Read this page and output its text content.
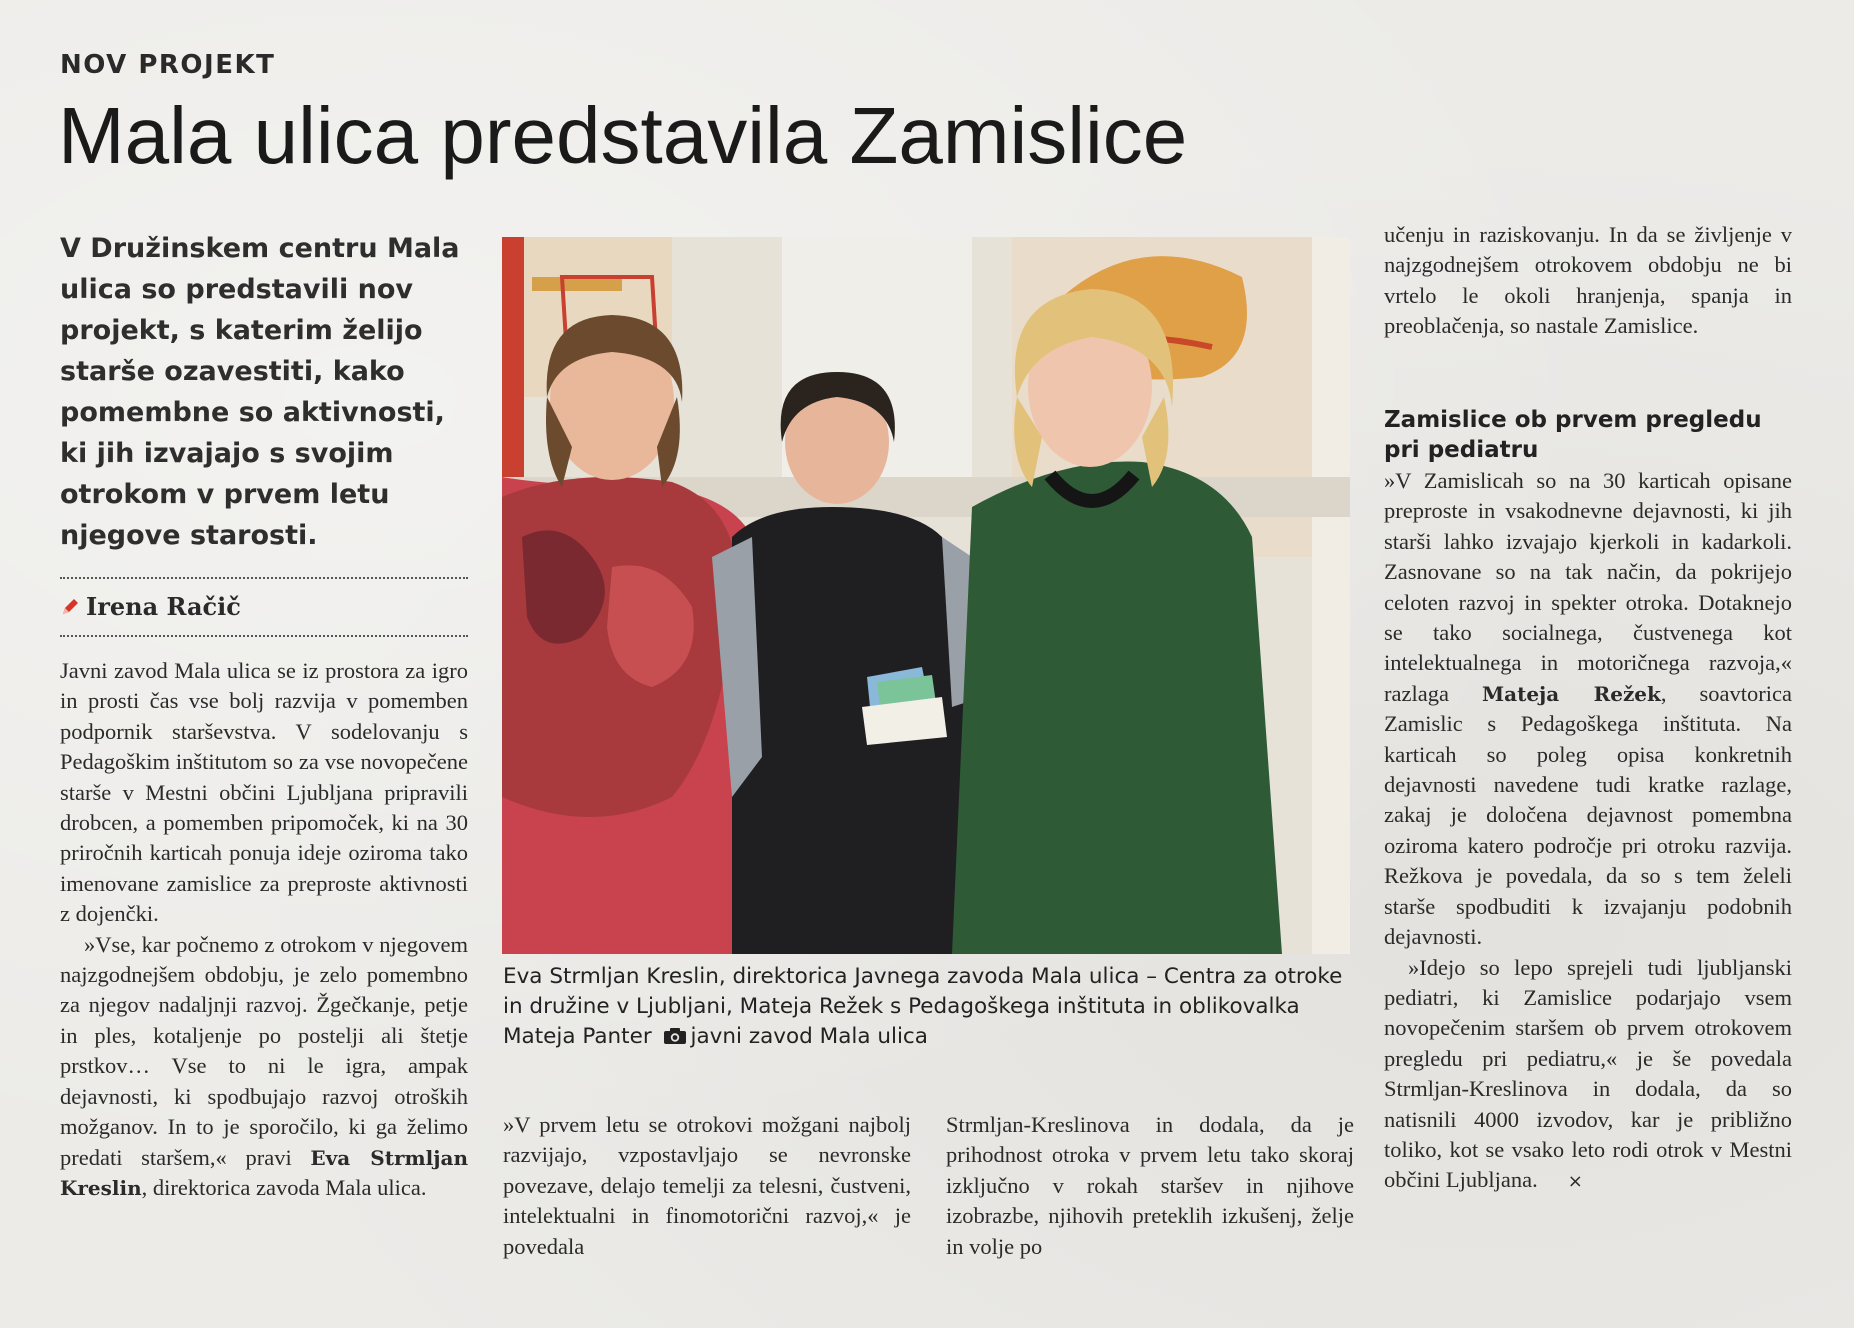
NOV PROJEKT
Mala ulica predstavila Zamislice
V Družinskem centru Mala ulica so predstavili nov projekt, s katerim želijo starše ozavestiti, kako pomembne so aktivnosti, ki jih izvajajo s svojim otrokom v prvem letu njegove starosti.
Irena Račič

Javni zavod Mala ulica se iz prostora za igro in prosti čas vse bolj razvija v pomemben podpornik starševstva. V sodelovanju s Pedagoškim inštitutom so za vse novopečene starše v Mestni občini Ljubljana pripravili drobcen, a pomemben pripomoček, ki na 30 priročnih karticah ponuja ideje oziroma tako imenovane zamislice za preproste aktivnosti z dojenčki.

»Vse, kar počnemo z otrokom v njegovem najzgodnejšem obdobju, je zelo pomembno za njegov nadaljnji razvoj. Žgečkanje, petje in ples, kotaljenje po postelji ali štetje prstkov… Vse to ni le igra, ampak dejavnosti, ki spodbujajo razvoj otroških možganov. In to je sporočilo, ki ga želimo predati staršem,« pravi Eva Strmljan Kreslin, direktorica zavoda Mala ulica.

Eva Strmljan Kreslin, direktorica Javnega zavoda Mala ulica – Centra za otroke in družine v Ljubljani, Mateja Režek s Pedagoškega inštituta in oblikovalka Mateja Panter javni zavod Mala ulica

»V prvem letu se otrokovi možgani najbolj razvijajo, vzpostavljajo se nevronske povezave, delajo temelji za telesni, čustveni, intelektualni in finomotorični razvoj,« je povedala

Strmljan-Kreslinova in dodala, da je prihodnost otroka v prvem letu tako skoraj izključno v rokah staršev in njihove izobrazbe, njihovih preteklih izkušenj, želje in volje po

učenju in raziskovanju. In da se življenje v najzgodnejšem otrokovem obdobju ne bi vrtelo le okoli hranjenja, spanja in preoblačenja, so nastale Zamislice.

Zamislice ob prvem pregledu pri pediatru

»V Zamislicah so na 30 karticah opisane preproste in vsakodnevne dejavnosti, ki jih starši lahko izvajajo kjerkoli in kadarkoli. Zasnovane so na tak način, da pokrijejo celoten razvoj in spekter otroka. Dotaknejo se tako socialnega, čustvenega kot intelektualnega in motoričnega razvoja,« razlaga Mateja Režek, soavtorica Zamislic s Pedagoškega inštituta. Na karticah so poleg opisa konkretnih dejavnosti navedene tudi kratke razlage, zakaj je določena dejavnost pomembna oziroma katero področje pri otroku razvija. Režkova je povedala, da so s tem želeli starše spodbuditi k izvajanju podobnih dejavnosti.

»Idejo so lepo sprejeli tudi ljubljanski pediatri, ki Zamislice podarjajo vsem novopečenim staršem ob prvem otrokovem pregledu pri pediatru,« je še povedala Strmljan-Kreslinova in dodala, da so natisnili 4000 izvodov, kar je približno toliko, kot se vsako leto rodi otrok v Mestni občini Ljubljana. ×
